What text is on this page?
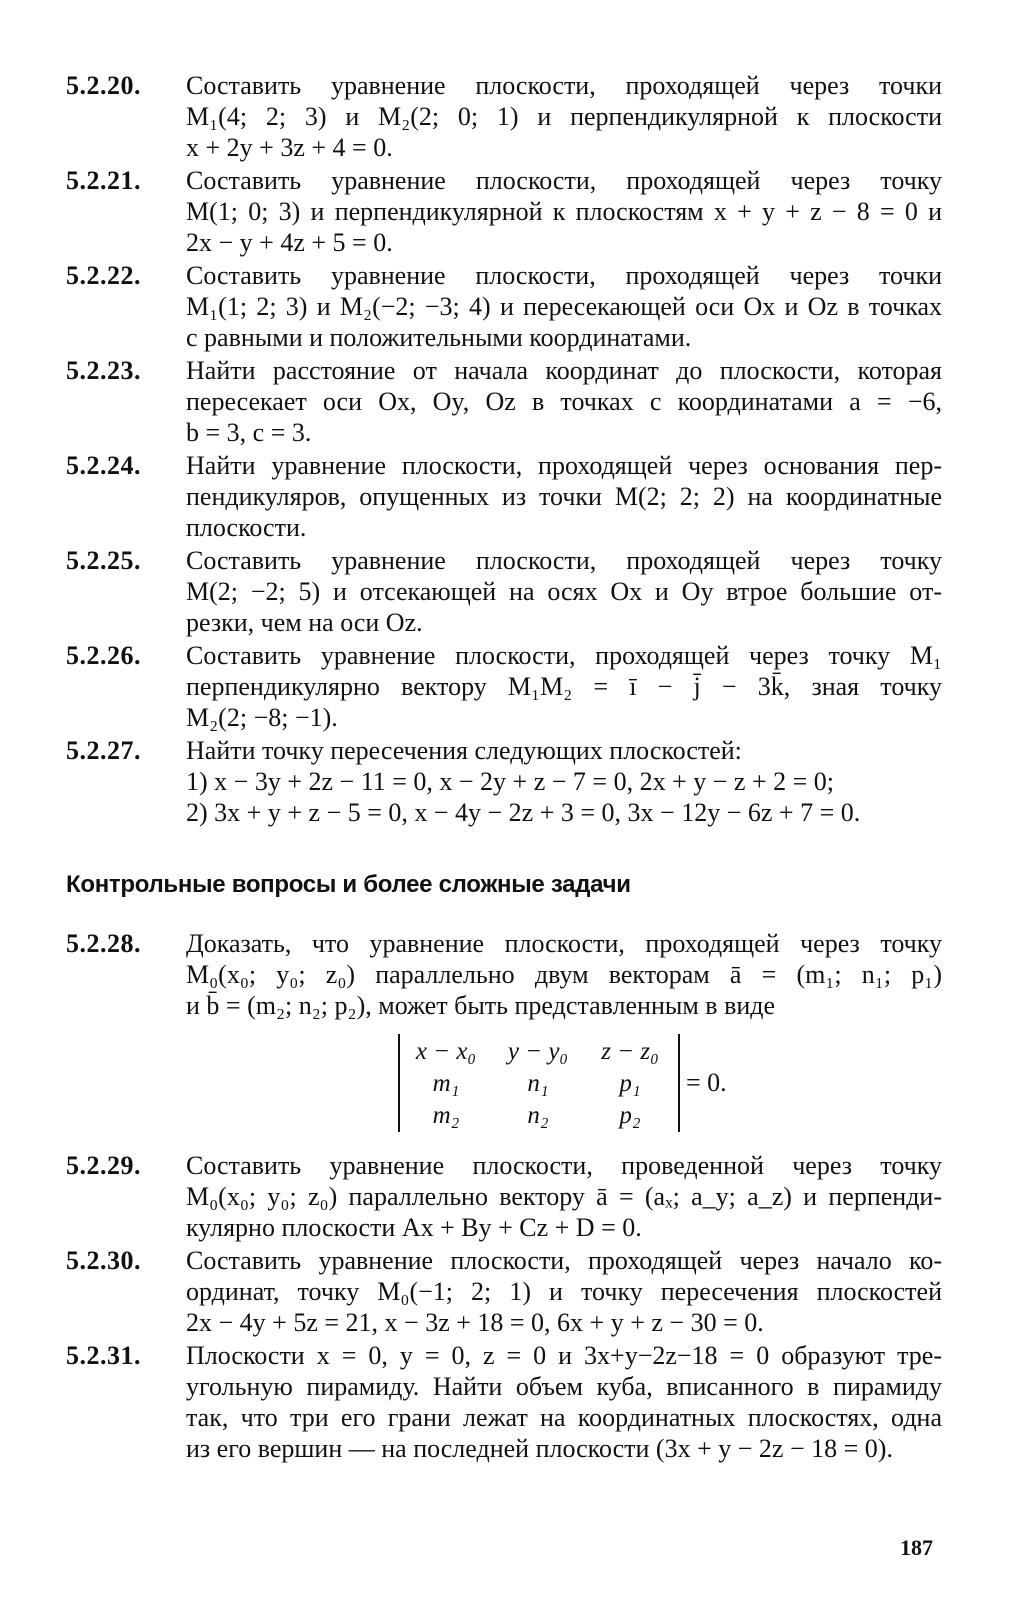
5.2.20. Составить уравнение плоскости, проходящей через точки
M₁(4; 2; 3) и M₂(2; 0; 1) и перпендикулярной к плоскости
x + 2y + 3z + 4 = 0.
5.2.21. Составить уравнение плоскости, проходящей через точку
M(1; 0; 3) и перпендикулярной к плоскостям x + y + z − 8 = 0 и
2x − y + 4z + 5 = 0.
5.2.22. Составить уравнение плоскости, проходящей через точки
M₁(1; 2; 3) и M₂(−2; −3; 4) и пересекающей оси Ox и Oz в точках
с равными и положительными координатами.
5.2.23. Найти расстояние от начала координат до плоскости, которая
пересекает оси Ox, Oy, Oz в точках с координатами a = −6,
b = 3, c = 3.
5.2.24. Найти уравнение плоскости, проходящей через основания пер-
пендикуляров, опущенных из точки M(2; 2; 2) на координатные
плоскости.
5.2.25. Составить уравнение плоскости, проходящей через точку
M(2; −2; 5) и отсекающей на осях Ox и Oy втрое большие от-
резки, чем на оси Oz.
5.2.26. Составить уравнение плоскости, проходящей через точку M₁
перпендикулярно вектору M₁M₂ = ī − j̄ − 3k̄, зная точку
M₂(2; −8; −1).
5.2.27. Найти точку пересечения следующих плоскостей:
1) x − 3y + 2z − 11 = 0, x − 2y + z − 7 = 0, 2x + y − z + 2 = 0;
2) 3x + y + z − 5 = 0, x − 4y − 2z + 3 = 0, 3x − 12y − 6z + 7 = 0.
Контрольные вопросы и более сложные задачи
5.2.28. Доказать, что уравнение плоскости, проходящей через точку
M₀(x₀; y₀; z₀) параллельно двум векторам ā = (m₁; n₁; p₁)
и b̄ = (m₂; n₂; p₂), может быть представленным в виде
x − x₀	y − y₀	z − z₀
m₁	n₁	p₁
m₂	n₂	p₂
= 0.
5.2.29. Составить уравнение плоскости, проведенной через точку
M₀(x₀; y₀; z₀) параллельно вектору ā = (aₓ; a_y; a_z) и перпенди-
кулярно плоскости Ax + By + Cz + D = 0.
5.2.30. Составить уравнение плоскости, проходящей через начало ко-
ординат, точку M₀(−1; 2; 1) и точку пересечения плоскостей
2x − 4y + 5z = 21, x − 3z + 18 = 0, 6x + y + z − 30 = 0.
5.2.31. Плоскости x = 0, y = 0, z = 0 и 3x+y−2z−18 = 0 образуют тре-
угольную пирамиду. Найти объем куба, вписанного в пирамиду
так, что три его грани лежат на координатных плоскостях, одна
из его вершин — на последней плоскости (3x + y − 2z − 18 = 0).
187
